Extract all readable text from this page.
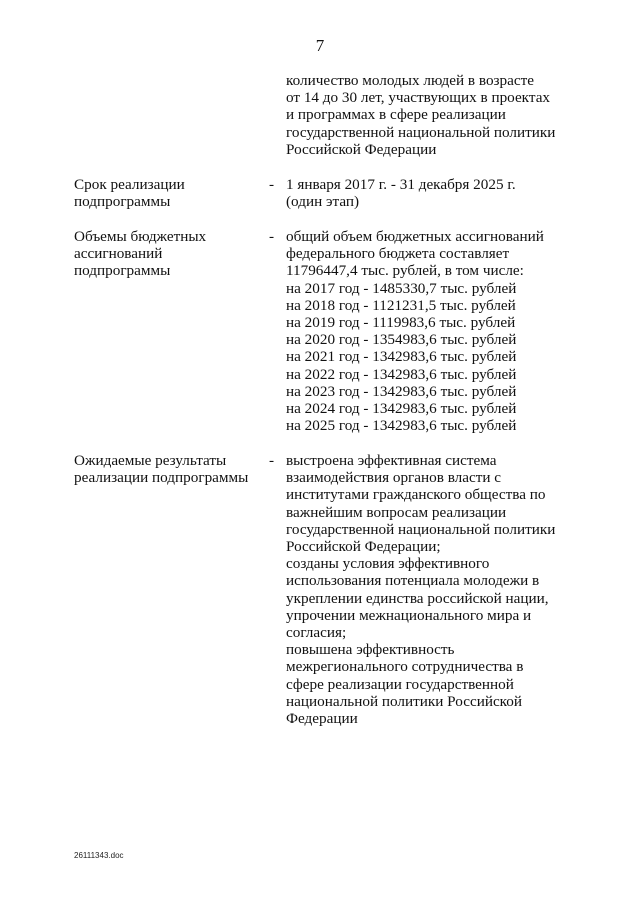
7
количество молодых людей в возрасте
от 14 до 30 лет, участвующих в проектах
и программах в сфере реализации
государственной национальной политики
Российской Федерации
Срок реализации
подпрограммы
- 1 января 2017 г. - 31 декабря 2025 г.
(один этап)
Объемы бюджетных
ассигнований
подпрограммы
- общий объем бюджетных ассигнований
федерального бюджета составляет
11796447,4 тыс. рублей, в том числе:
на 2017 год - 1485330,7 тыс. рублей
на 2018 год - 1121231,5 тыс. рублей
на 2019 год - 1119983,6 тыс. рублей
на 2020 год - 1354983,6 тыс. рублей
на 2021 год - 1342983,6 тыс. рублей
на 2022 год - 1342983,6 тыс. рублей
на 2023 год - 1342983,6 тыс. рублей
на 2024 год - 1342983,6 тыс. рублей
на 2025 год - 1342983,6 тыс. рублей
Ожидаемые результаты
реализации подпрограммы
- выстроена эффективная система
взаимодействия органов власти с
институтами гражданского общества по
важнейшим вопросам реализации
государственной национальной политики
Российской Федерации;
созданы условия эффективного
использования потенциала молодежи в
укреплении единства российской нации,
упрочении межнационального мира и
согласия;
повышена эффективность
межрегионального сотрудничества в
сфере реализации государственной
национальной политики Российской
Федерации
26111343.doc
